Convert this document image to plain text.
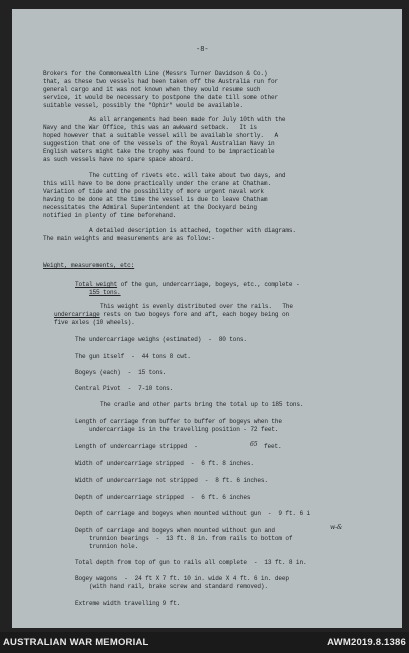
-8-
Brokers for the Commonwealth Line (Messrs Turner Davidson & Co.)
that, as these two vessels had been taken off the Australia run for
general cargo and it was not known when they would resume such
service, it would be necessary to postpone the date till some other
suitable vessel, possibly the "Ophir" would be available.
As all arrangements had been made for July 10th with the
Navy and the War Office, this was an awkward setback.   It is
hoped however that a suitable vessel will be available shortly.   A
suggestion that one of the vessels of the Royal Australian Navy in
English waters might take the trophy was found to be impracticable
as such vessels have no spare space aboard.
The cutting of rivets etc. will take about two days, and
this will have to be done practically under the crane at Chatham.
Variation of tide and the possibility of more urgent naval work
having to be done at the time the vessel is due to leave Chatham
necessitates the Admiral Superintendent at the Dockyard being
notified in plenty of time beforehand.
A detailed description is attached, together with diagrams.
The main weights and measurements are as follow:-
Weight, measurements, etc:
Total weight of the gun, undercarriage, bogeys, etc., complete -
155 tons.
This weight is evenly distributed over the rails.   The
undercarriage rests on two bogeys fore and aft, each bogey being on
five axles (10 wheels).
The undercarriage weighs (estimated)  -  80 tons.
The gun itself  -  44 tons 8 cwt.
Bogeys (each)  -  15 tons.
Central Pivot  -  7-10 tons.
The cradle and other parts bring the total up to 185 tons.
Length of carriage from buffer to buffer of bogeys when the
undercarriage is in the travelling position - 72 feet.
Length of undercarriage stripped  -	feet.
Width of undercarriage stripped  -  6 ft. 8 inches.
Width of undercarriage not stripped  -  8 ft. 6 inches.
Depth of undercarriage stripped  -  6 ft. 6 inches
Depth of carriage and bogeys when mounted without gun  -  9 ft. 6 i
Depth of carriage and bogeys when mounted without gun and
trunnion bearings  -  13 ft. 8 in. from rails to bottom of
trunnion hole.
Total depth from top of gun to rails all complete  -  13 ft. 8 in.
Bogey wagons  -  24 ft X 7 ft. 10 in. wide X 4 ft. 6 in. deep
(with hand rail, brake screw and standard removed).
Extreme width travelling 9 ft.
65
w-&
AUSTRALIAN WAR MEMORIAL	AWM2019.8.1386
